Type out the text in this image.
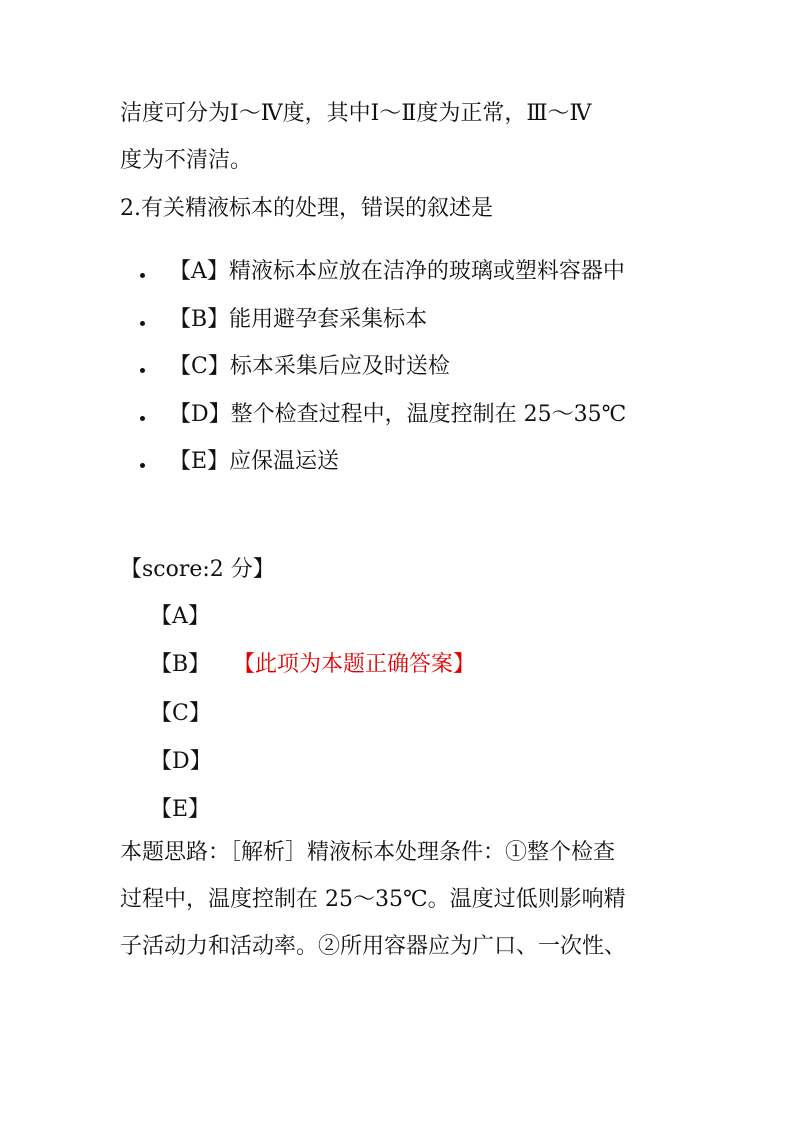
洁度可分为Ⅰ～Ⅳ度，其中Ⅰ～Ⅱ度为正常，Ⅲ～Ⅳ
度为不清洁。
2.有关精液标本的处理，错误的叙述是
【A】精液标本应放在洁净的玻璃或塑料容器中
【B】能用避孕套采集标本
【C】标本采集后应及时送检
【D】整个检查过程中，温度控制在 25～35℃
【E】应保温运送
【score:2 分】
【A】
【B】 【此项为本题正确答案】
【C】
【D】
【E】
本题思路：［解析］精液标本处理条件：①整个检查
过程中，温度控制在 25～35℃。温度过低则影响精
子活动力和活动率。②所用容器应为广口、一次性、
